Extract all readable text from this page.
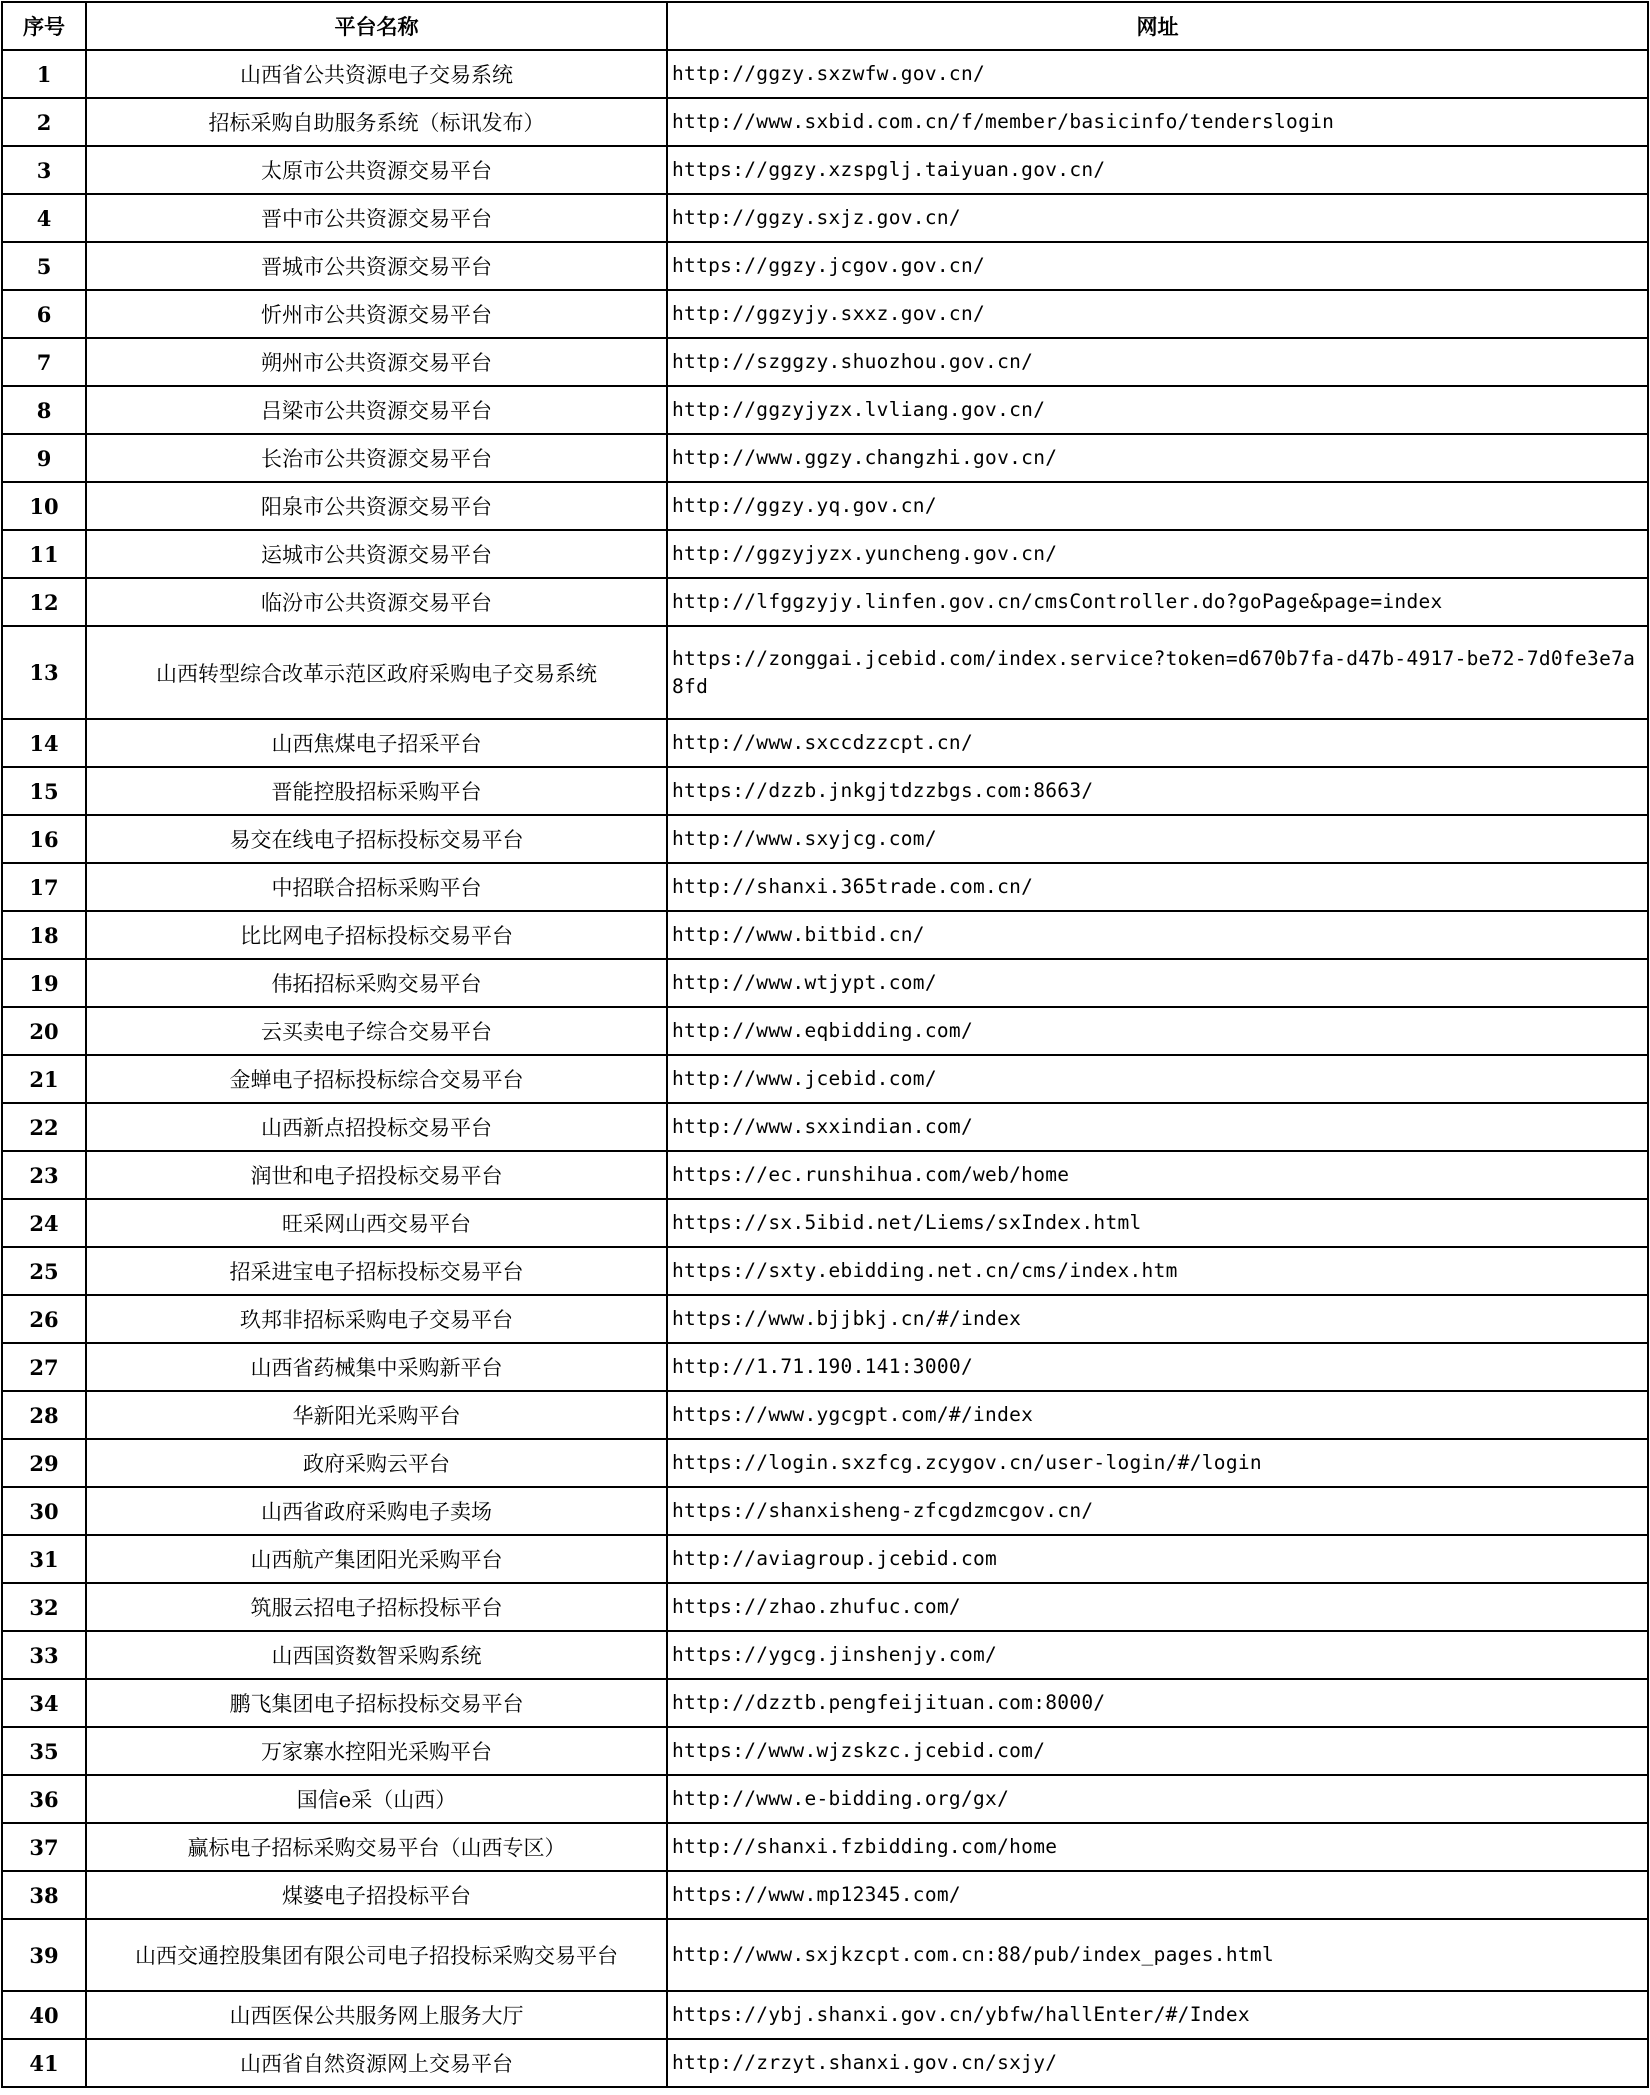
序号	平台名称	网址
1	山西省公共资源电子交易系统	http://ggzy.sxzwfw.gov.cn/
2	招标采购自助服务系统（标讯发布）	http://www.sxbid.com.cn/f/member/basicinfo/tenderslogin
3	太原市公共资源交易平台	https://ggzy.xzspglj.taiyuan.gov.cn/
4	晋中市公共资源交易平台	http://ggzy.sxjz.gov.cn/
5	晋城市公共资源交易平台	https://ggzy.jcgov.gov.cn/
6	忻州市公共资源交易平台	http://ggzyjy.sxxz.gov.cn/
7	朔州市公共资源交易平台	http://szggzy.shuozhou.gov.cn/
8	吕梁市公共资源交易平台	http://ggzyjyzx.lvliang.gov.cn/
9	长治市公共资源交易平台	http://www.ggzy.changzhi.gov.cn/
10	阳泉市公共资源交易平台	http://ggzy.yq.gov.cn/
11	运城市公共资源交易平台	http://ggzyjyzx.yuncheng.gov.cn/
12	临汾市公共资源交易平台	http://lfggzyjy.linfen.gov.cn/cmsController.do?goPage&page=index
13	山西转型综合改革示范区政府采购电子交易系统	https://zonggai.jcebid.com/index.service?token=d670b7fa-d47b-4917-be72-7d0fe3e7a8fd
14	山西焦煤电子招采平台	http://www.sxccdzzcpt.cn/
15	晋能控股招标采购平台	https://dzzb.jnkgjtdzzbgs.com:8663/
16	易交在线电子招标投标交易平台	http://www.sxyjcg.com/
17	中招联合招标采购平台	http://shanxi.365trade.com.cn/
18	比比网电子招标投标交易平台	http://www.bitbid.cn/
19	伟拓招标采购交易平台	http://www.wtjypt.com/
20	云买卖电子综合交易平台	http://www.eqbidding.com/
21	金蝉电子招标投标综合交易平台	http://www.jcebid.com/
22	山西新点招投标交易平台	http://www.sxxindian.com/
23	润世和电子招投标交易平台	https://ec.runshihua.com/web/home
24	旺采网山西交易平台	https://sx.5ibid.net/Liems/sxIndex.html
25	招采进宝电子招标投标交易平台	https://sxty.ebidding.net.cn/cms/index.htm
26	玖邦非招标采购电子交易平台	https://www.bjjbkj.cn/#/index
27	山西省药械集中采购新平台	http://1.71.190.141:3000/
28	华新阳光采购平台	https://www.ygcgpt.com/#/index
29	政府采购云平台	https://login.sxzfcg.zcygov.cn/user-login/#/login
30	山西省政府采购电子卖场	https://shanxisheng-zfcgdzmcgov.cn/
31	山西航产集团阳光采购平台	http://aviagroup.jcebid.com
32	筑服云招电子招标投标平台	https://zhao.zhufuc.com/
33	山西国资数智采购系统	https://ygcg.jinshenjy.com/
34	鹏飞集团电子招标投标交易平台	http://dzztb.pengfeijituan.com:8000/
35	万家寨水控阳光采购平台	https://www.wjzskzc.jcebid.com/
36	国信e采（山西）	http://www.e-bidding.org/gx/
37	赢标电子招标采购交易平台（山西专区）	http://shanxi.fzbidding.com/home
38	煤婆电子招投标平台	https://www.mp12345.com/
39	山西交通控股集团有限公司电子招投标采购交易平台	http://www.sxjkzcpt.com.cn:88/pub/index_pages.html
40	山西医保公共服务网上服务大厅	https://ybj.shanxi.gov.cn/ybfw/hallEnter/#/Index
41	山西省自然资源网上交易平台	http://zrzyt.shanxi.gov.cn/sxjy/
